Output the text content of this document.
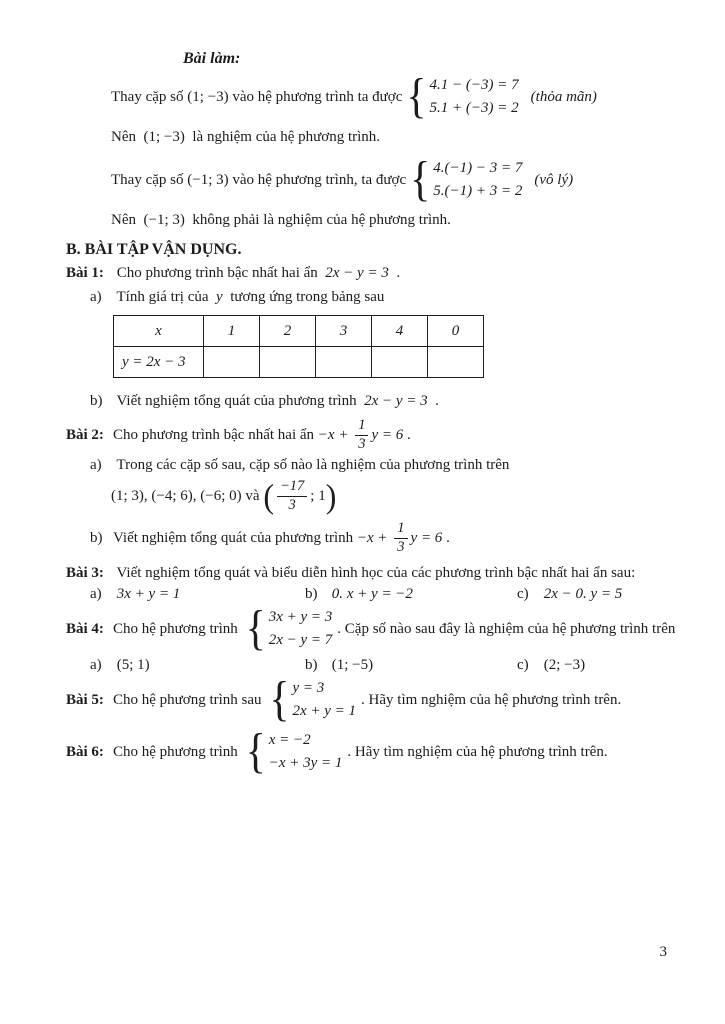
Bài làm:
Thay cặp số (1; −3) vào hệ phương trình ta được { 4.1 − (−3) = 7
5.1 + (−3) = 2
(thỏa mãn)
Nên  (1; −3)  là nghiệm của hệ phương trình.
Thay cặp số (−1; 3) vào hệ phương trình, ta được { 4.(−1) − 3 = 7
5.(−1) + 3 = 2
(vô lý)
Nên  (−1; 3)  không phải là nghiệm của hệ phương trình.
B. BÀI TẬP VẬN DỤNG.
Bài 1: Cho phương trình bậc nhất hai ẩn  2x − y = 3  .
a) Tính giá trị của  y  tương ứng trong bảng sau
x	1	2	3	4	0
y = 2x − 3					
b) Viết nghiệm tổng quát của phương trình  2x − y = 3  .
Bài 2: Cho phương trình bậc nhất hai ẩn $-x + \frac{1}{3}$ y = 6 .
a) Trong các cặp số sau, cặp số nào là nghiệm của phương trình trên
(1; 3), (−4; 6), (−6; 0) và ( $\frac{-17}{3}$ ; 1 )
b) Viết nghiệm tổng quát của phương trình $-x + \frac{1}{3}$ y = 6 .
Bài 3: Viết nghiệm tổng quát và biểu diễn hình học của các phương trình bậc nhất hai ẩn sau:
a) 3x + y = 1	b) 0. x + y = −2	c) 2x − 0. y = 5
Bài 4: Cho hệ phương trình { 3x + y = 3
2x − y = 7
. Cặp số nào sau đây là nghiệm của hệ phương trình trên
a) (5; 1)	b) (1; −5)	c) (2; −3)
Bài 5: Cho hệ phương trình sau { y = 3
2x + y = 1
. Hãy tìm nghiệm của hệ phương trình trên.
Bài 6: Cho hệ phương trình { x = −2
−x + 3y = 1
. Hãy tìm nghiệm của hệ phương trình trên.
3
